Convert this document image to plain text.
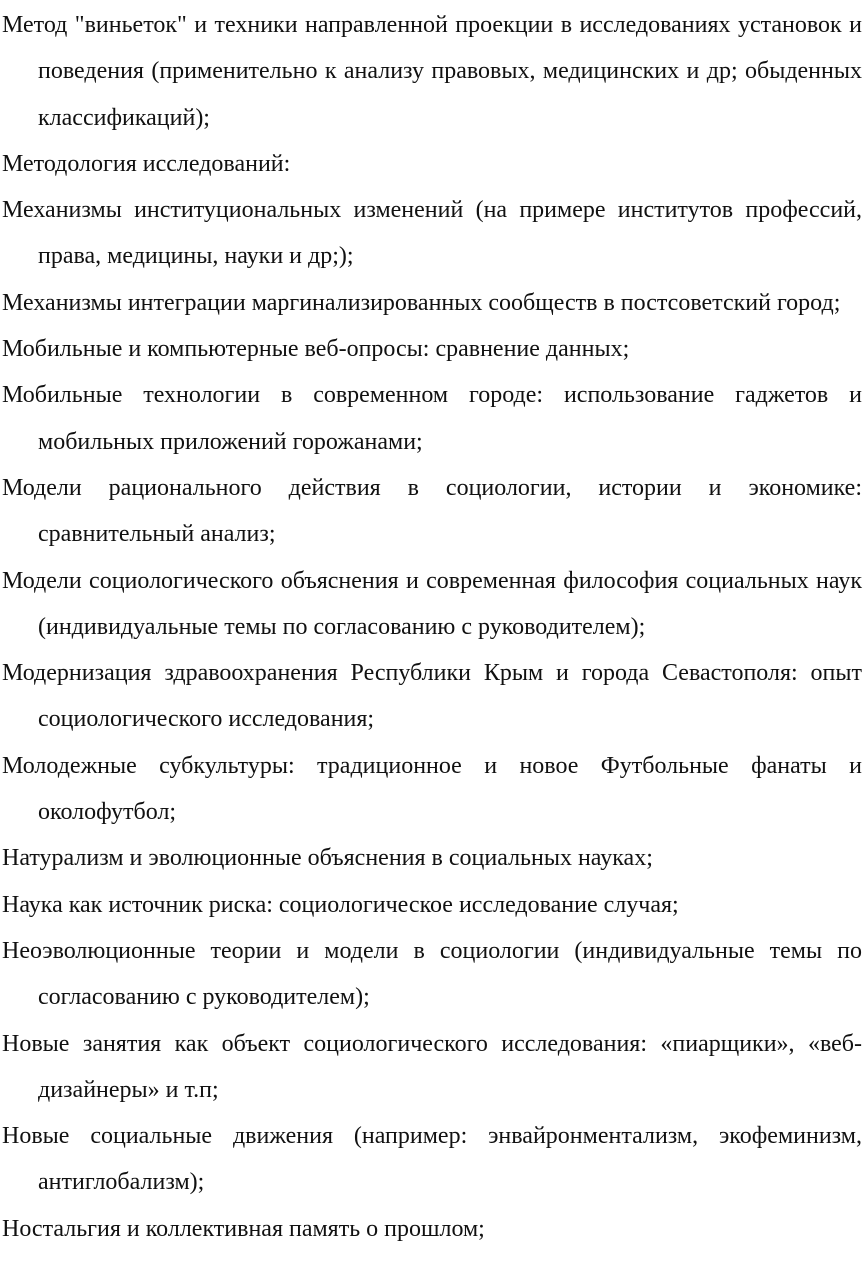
Метод "виньеток" и техники направленной проекции в исследованиях установок и поведения (применительно к анализу правовых, медицинских и др; обыденных классификаций);
Методология исследований:
Механизмы институциональных изменений (на примере институтов профессий, права, медицины, науки и др;);
Механизмы интеграции маргинализированных сообществ в постсоветский город;
Мобильные и компьютерные веб-опросы: сравнение данных;
Мобильные технологии в современном городе: использование гаджетов и мобильных приложений горожанами;
Модели рационального действия в социологии, истории и экономике: сравнительный анализ;
Модели социологического объяснения и современная философия социальных наук (индивидуальные темы по согласованию с руководителем);
Модернизация здравоохранения Республики Крым и города Севастополя: опыт социологического исследования;
Молодежные субкультуры: традиционное и новое Футбольные фанаты и околофутбол;
Натурализм и эволюционные объяснения в социальных науках;
Наука как источник риска: социологическое исследование случая;
Неоэволюционные теории и модели в социологии (индивидуальные темы по согласованию с руководителем);
Новые занятия как объект социологического исследования: «пиарщики», «веб-дизайнеры» и т.п;
Новые социальные движения (например: энвайронментализм, экофеминизм, антиглобализм);
Ностальгия и коллективная память о прошлом;
